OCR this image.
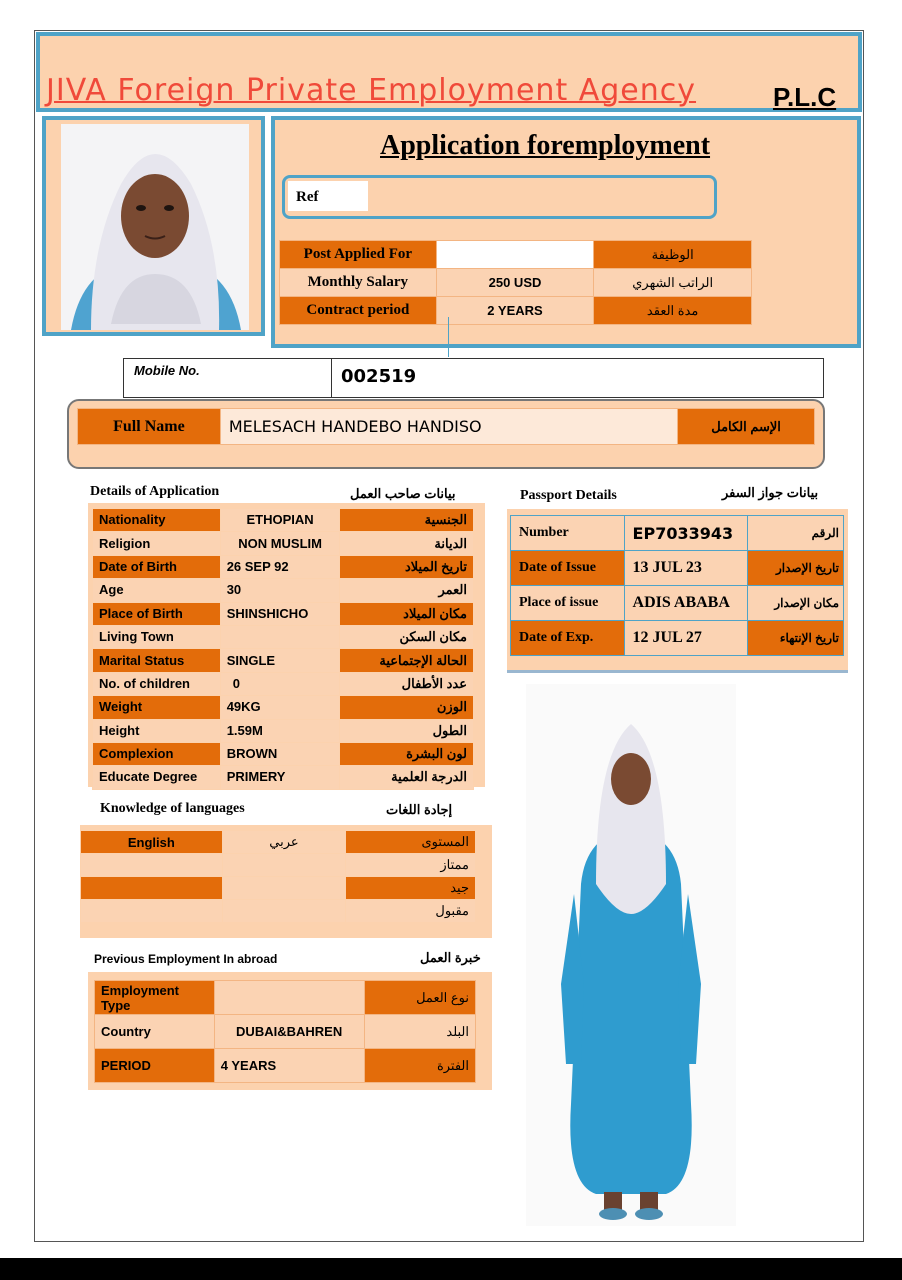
JIVA Foreign Private Employment Agency	P.L.C
Application foremployment
Ref
Post Applied For		الوظيفة
Monthly Salary	250 USD	الراتب الشهري
Contract period	2 YEARS	مدة العقد
Mobile No.	002519
Full Name	MELESACH HANDEBO HANDISO	الإسم الكامل
Details of Application	بيانات صاحب العمل
Nationality	ETHOPIAN	الجنسية
Religion	NON MUSLIM	الديانة
Date of Birth	26 SEP 92	تاريخ الميلاد
Age	30	العمر
Place of Birth	SHINSHICHO	مكان الميلاد
Living Town		مكان السكن
Marital Status	SINGLE	الحالة الإجتماعية
No. of children	0	عدد الأطفال
Weight	49KG	الوزن
Height	1.59M	الطول
Complexion	BROWN	لون البشرة
Educate Degree	PRIMERY	الدرجة العلمية
Knowledge of languages	إجادة اللغات
English	عربي	المستوى
		ممتاز
		جيد
		مقبول
Previous Employment In abroad	خبرة العمل
Employment Type		نوع العمل
Country	DUBAI&BAHREN	البلد
PERIOD	4 YEARS	الفترة
Passport Details	بيانات جواز السفر
Number	EP7033943	الرقم
Date of Issue	13 JUL 23	تاريخ الإصدار
Place of issue	ADIS ABABA	مكان الإصدار
Date of Exp.	12 JUL 27	تاريخ الإنتهاء
